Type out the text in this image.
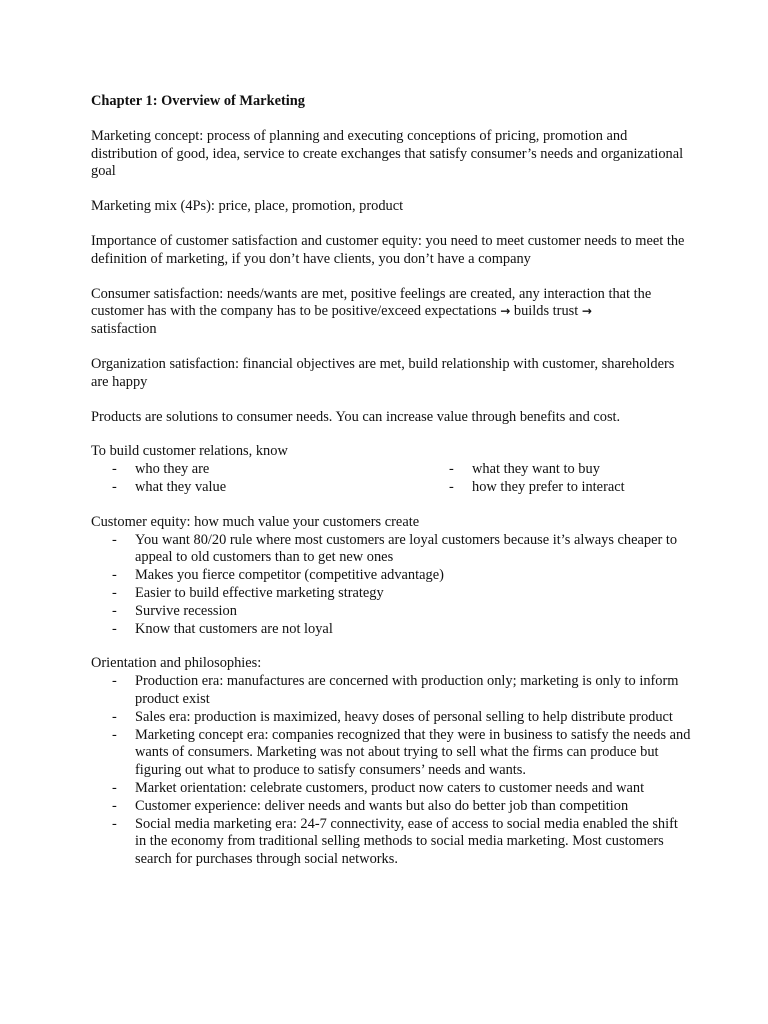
Chapter 1: Overview of Marketing
Marketing concept: process of planning and executing conceptions of pricing, promotion and distribution of good, idea, service to create exchanges that satisfy consumer’s needs and organizational goal
Marketing mix (4Ps): price, place, promotion, product
Importance of customer satisfaction and customer equity: you need to meet customer needs to meet the definition of marketing, if you don’t have clients, you don’t have a company
Consumer satisfaction: needs/wants are met, positive feelings are created, any interaction that the customer has with the company has to be positive/exceed expectations → builds trust →
satisfaction
Organization satisfaction: financial objectives are met, build relationship with customer, shareholders are happy
Products are solutions to consumer needs. You can increase value through benefits and cost.
To build customer relations, know
- who they are
- what they value
- what they want to buy
- how they prefer to interact
Customer equity: how much value your customers create
- You want 80/20 rule where most customers are loyal customers because it’s always cheaper to appeal to old customers than to get new ones
- Makes you fierce competitor (competitive advantage)
- Easier to build effective marketing strategy
- Survive recession
- Know that customers are not loyal
Orientation and philosophies:
- Production era: manufactures are concerned with production only; marketing is only to inform product exist
- Sales era: production is maximized, heavy doses of personal selling to help distribute product
- Marketing concept era: companies recognized that they were in business to satisfy the needs and wants of consumers. Marketing was not about trying to sell what the firms can produce but figuring out what to produce to satisfy consumers’ needs and wants.
- Market orientation: celebrate customers, product now caters to customer needs and want
- Customer experience: deliver needs and wants but also do better job than competition
- Social media marketing era: 24-7 connectivity, ease of access to social media enabled the shift in the economy from traditional selling methods to social media marketing. Most customers search for purchases through social networks.
